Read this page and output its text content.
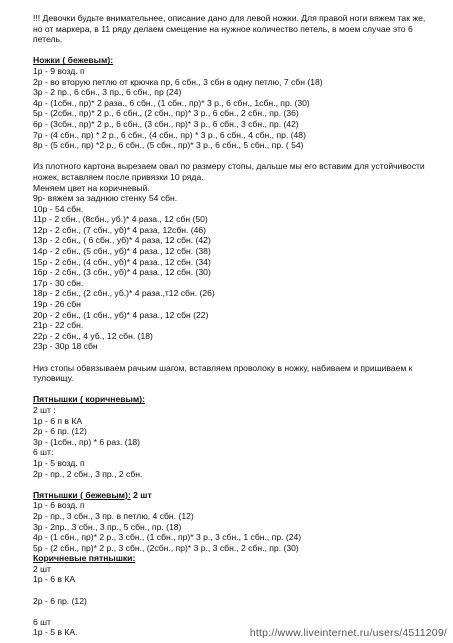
!!! Девочки будьте внимательнее, описание дано для левой ножки. Для правой ноги вяжем так же, но от маркера, в 11 ряду делаем смещение на нужное количество петель, в моем случае это 6 петель.
Ножки ( бежевым):
1р - 9 возд. п
2р - во вторую петлю от крючка пр, 6 сбн., 3 сбн в одну петлю, 7 сбн (18)
3р - 2 пр., 6 сбн., 3 пр., 6 сбн., пр (24)
4р - (1сбн., пр)* 2 раза., 6 сбн., (1 сбн., пр)* 3 р., 6 сбн., 1сбн., пр. (30)
5р - (2сбн., пр)* 2 р., 6 сбн., (2 сбн., пр)* 3 р., 6 сбн., 2 сбн., пр. (36)
6р - (3сбн., пр)* 2 р., 6 сбн., (3 сбн., пр)* 3 р., 6 сбн., 3 сбн., пр. (42)
7р - (4 сбн., пр) * 2 р., 6 сбн., (4 сбн., пр) * 3 р., 6 сбн., 4 сбн., пр. (48)
8р - (5 сбн., пр) *2 р., 6 сбн., (5 сбн., пр)* 3 р., 6 сбн., 5 сбн., пр. ( 54)
Из плотного картона вырезаем овал по размеру стопы, дальше мы его вставим для устойчивости ножек, вставляем после привязки 10 ряда.
Меняем цвет на коричневый.
9р- вяжем за заднюю стенку 54 сбн.
10р - 54 сбн.
11р - 2 сбн., (8сбн., уб.)* 4 раза., 12 сбн (50)
12р - 2 сбн., (7 сбн., уб)* 4 раза, 12сбн. (46)
13р - 2 сбн., ( 6 сбн., уб)* 4 раза, 12 сбн. (42)
14р - 2 сбн., (5 сбн., уб)* 4 раза., 12 сбн. (38)
15р - 2 сбн., (4 сбн., уб)* 4 раза., 12 сбн. (34)
16р - 2 сбн., (3 сбн., уб)* 4 раза., 12 сбн. (30)
17р - 30 сбн.
18р - 2 сбн., (2 сбн., уб.)* 4 раза.,т12 сбн. (26)
19р - 26 сбн
20р - 2 сбн., (1 сбн., уб)* 4 раза., 12 сбн (22)
21р - 22 сбн.
22р - 2 сбн., 4 уб., 12 сбн. (18)
23р - 30р 18 сбн
Низ стопы обвязываем рачьим шагом, вставляем проволоку в ножку, набиваем и пришиваем к туловищу.
Пятнышки ( коричневым):
2 шт :
1р - 6 п в КА
2р - 6 пр. (12)
3р - (1сбн., пр) * 6 раз. (18)
6 шт:
1р - 5 возд. п
2р - пр., 2 сбн., 3 пр., 2 сбн.
Пятнышки ( бежевым): 2 шт
1р - 6 возд. п
2р - пр., 3 сбн., 3 пр. в петлю, 4 сбн. (12)
3р - 2пр., 3 сбн., 3 пр., 5 сбн., пр. (18)
4р - (1 сбн., пр)* 2 р., 3 сбн., (1 сбн., пр)* 3 р., 3 сбн., 1 сбн., пр. (24)
5р - (2 сбн., пр)* 2 р., 3 сбн., (2сбн., пр)* 3 р., 3 сбн., 2 сбн., пр. (30)
Коричневые пятнышки:
2 шт
1р - 6 в КА
2р - 6 пр. (12)
6 шт
1р - 5 в КА.	http://www.liveinternet.ru/users/4511209/
